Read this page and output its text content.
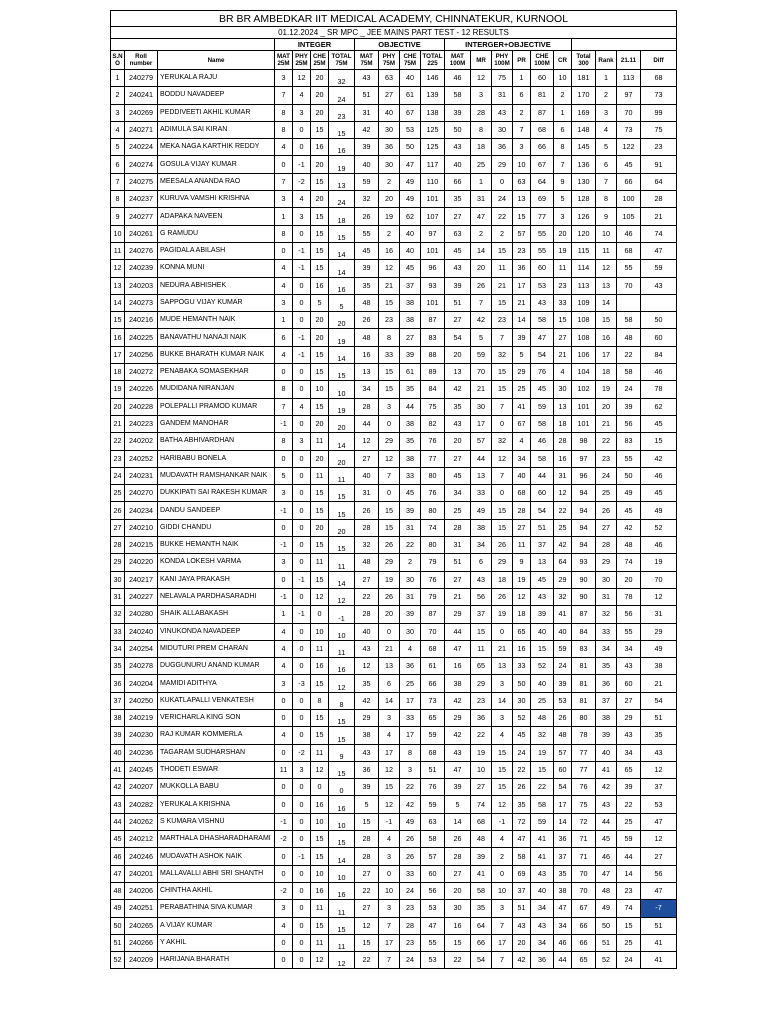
BR BR AMBEDKAR IIT MEDICAL ACADEMY, CHINNATEKUR, KURNOOL																				
01.12.2024 _ SR MPC _ JEE MAINS PART TEST - 12 RESULTS																				
			INTEGER				OBJECTIVE				INTERGER+OBJECTIVE									
S.N O	Roll number	Name	MAT 25M	PHY 25M	CHE 25M	TOTAL 75M	MAT 75M	PHY 75M	CHE 75M	TOTAL 225	MAT 100M	MR	PHY 100M	PR	CHE 100M	CR	Total 300	Rank	21.11	Diff
1	240279	YERUKALA RAJU	3	12	20	32	43	63	40	146	46	12	75	1	60	10	181	1	113	68
2	240241	BODDU NAVADEEP	7	4	20	24	51	27	61	139	58	3	31	6	81	2	170	2	97	73
3	240269	PEDDIVEETI AKHIL KUMAR	8	3	20	23	31	40	67	138	39	28	43	2	87	1	169	3	70	99
4	240271	ADIMULA SAI KIRAN	8	0	15	15	42	30	53	125	50	8	30	7	68	6	148	4	73	75
5	240224	MEKA NAGA KARTHIK REDDY	4	0	16	16	39	36	50	125	43	18	36	3	66	8	145	5	122	23
6	240274	GOSULA VIJAY KUMAR	0	-1	20	19	40	30	47	117	40	25	29	10	67	7	136	6	45	91
7	240275	MEESALA ANANDA RAO	7	-2	15	13	59	2	49	110	66	1	0	63	64	9	130	7	66	64
8	240237	KURUVA VAMSHI KRISHNA	3	4	20	24	32	20	49	101	35	31	24	13	69	5	128	8	100	28
9	240277	ADAPAKA NAVEEN	1	3	15	18	26	19	62	107	27	47	22	15	77	3	126	9	105	21
10	240261	G RAMUDU	8	0	15	15	55	2	40	97	63	2	2	57	55	20	120	10	46	74
11	240276	PAGIDALA ABILASH	0	-1	15	14	45	16	40	101	45	14	15	23	55	19	115	11	68	47
12	240239	KONNA MUNI	4	-1	15	14	39	12	45	96	43	20	11	36	60	11	114	12	55	59
13	240203	NEDURA ABHISHEK	4	0	16	16	35	21	37	93	39	26	21	17	53	23	113	13	70	43
14	240273	SAPPOGU VIJAY KUMAR	3	0	5	5	48	15	38	101	51	7	15	21	43	33	109	14		
15	240216	MUDE HEMANTH NAIK	1	0	20	20	26	23	38	87	27	42	23	14	58	15	108	15	58	50
16	240225	BANAVATHU NANAJI NAIK	6	-1	20	19	48	8	27	83	54	5	7	39	47	27	108	16	48	60
17	240256	BUKKE BHARATH KUMAR NAIK	4	-1	15	14	16	33	39	88	20	59	32	5	54	21	106	17	22	84
18	240272	PENABAKA SOMASEKHAR	0	0	15	15	13	15	61	89	13	70	15	29	76	4	104	18	58	46
19	240226	MUDIDANA NIRANJAN	8	0	10	10	34	15	35	84	42	21	15	25	45	30	102	19	24	78
20	240228	POLEPALLI PRAMOD KUMAR	7	4	15	19	28	3	44	75	35	30	7	41	59	13	101	20	39	62
21	240223	GANDEM MANOHAR	-1	0	20	20	44	0	38	82	43	17	0	67	58	18	101	21	56	45
22	240202	BATHA ABHIVARDHAN	8	3	11	14	12	29	35	76	20	57	32	4	46	28	98	22	83	15
23	240252	HARIBABU BONELA	0	0	20	20	27	12	38	77	27	44	12	34	58	16	97	23	55	42
24	240231	MUDAVATH RAMSHANKAR NAIK	5	0	11	11	40	7	33	80	45	13	7	40	44	31	96	24	50	46
25	240270	DUKKIPATI SAI RAKESH KUMAR	3	0	15	15	31	0	45	76	34	33	0	68	60	12	94	25	49	45
26	240234	DANDU SANDEEP	-1	0	15	15	26	15	39	80	25	49	15	28	54	22	94	26	45	49
27	240210	GIDDI CHANDU	0	0	20	20	28	15	31	74	28	38	15	27	51	25	94	27	42	52
28	240215	BUKKE HEMANTH NAIK	-1	0	15	15	32	26	22	80	31	34	26	11	37	42	94	28	48	46
29	240220	KONDA LOKESH VARMA	3	0	11	11	48	29	2	79	51	6	29	9	13	64	93	29	74	19
30	240217	KANI JAYA PRAKASH	0	-1	15	14	27	19	30	76	27	43	18	19	45	29	90	30	20	70
31	240227	NELAVALA PARDHASARADHI	-1	0	12	12	22	26	31	79	21	56	26	12	43	32	90	31	78	12
32	240280	SHAIK ALLABAKASH	1	-1	0	-1	28	20	39	87	29	37	19	18	39	41	87	32	56	31
33	240240	VINUKONDA NAVADEEP	4	0	10	10	40	0	30	70	44	15	0	65	40	40	84	33	55	29
34	240254	MIDUTURI PREM CHARAN	4	0	11	11	43	21	4	68	47	11	21	16	15	59	83	34	34	49
35	240278	DUGGUNURU ANAND KUMAR	4	0	16	16	12	13	36	61	16	65	13	33	52	24	81	35	43	38
36	240204	MAMIDI ADITHYA	3	-3	15	12	35	6	25	66	38	29	3	50	40	39	81	36	60	21
37	240250	KUKATLAPALLI VENKATESH	0	0	8	8	42	14	17	73	42	23	14	30	25	53	81	37	27	54
38	240219	VERICHARLA KING SON	0	0	15	15	29	3	33	65	29	36	3	52	48	26	80	38	29	51
39	240230	RAJ KUMAR KOMMERLA	4	0	15	15	38	4	17	59	42	22	4	45	32	48	78	39	43	35
40	240236	TAGARAM SUDHARSHAN	0	-2	11	9	43	17	8	68	43	19	15	24	19	57	77	40	34	43
41	240245	THODETI ESWAR	11	3	12	15	36	12	3	51	47	10	15	22	15	60	77	41	65	12
42	240207	MUKKOLLA BABU	0	0	0	0	39	15	22	76	39	27	15	26	22	54	76	42	39	37
43	240282	YERUKALA KRISHNA	0	0	16	16	5	12	42	59	5	74	12	35	58	17	75	43	22	53
44	240262	S KUMARA VISHNU	-1	0	10	10	15	-1	49	63	14	68	-1	72	59	14	72	44	25	47
45	240212	MARTHALA DHASHARADHARAMI	-2	0	15	15	28	4	26	58	26	48	4	47	41	36	71	45	59	12
46	240246	MUDAVATH ASHOK NAIK	0	-1	15	14	28	3	26	57	28	39	2	58	41	37	71	46	44	27
47	240201	MALLAVALLI ABHI SRI SHANTH	0	0	10	10	27	0	33	60	27	41	0	69	43	35	70	47	14	56
48	240206	CHINTHA AKHIL	-2	0	16	16	22	10	24	56	20	58	10	37	40	38	70	48	23	47
49	240251	PERABATHINA SIVA KUMAR	3	0	11	11	27	3	23	53	30	35	3	51	34	47	67	49	74	-7
50	240265	A VIJAY KUMAR	4	0	15	15	12	7	28	47	16	64	7	43	43	34	66	50	15	51
51	240266	Y AKHIL	0	0	11	11	15	17	23	55	15	66	17	20	34	46	66	51	25	41
52	240209	HARIJANA BHARATH	0	0	12	12	22	7	24	53	22	54	7	42	36	44	65	52	24	41
